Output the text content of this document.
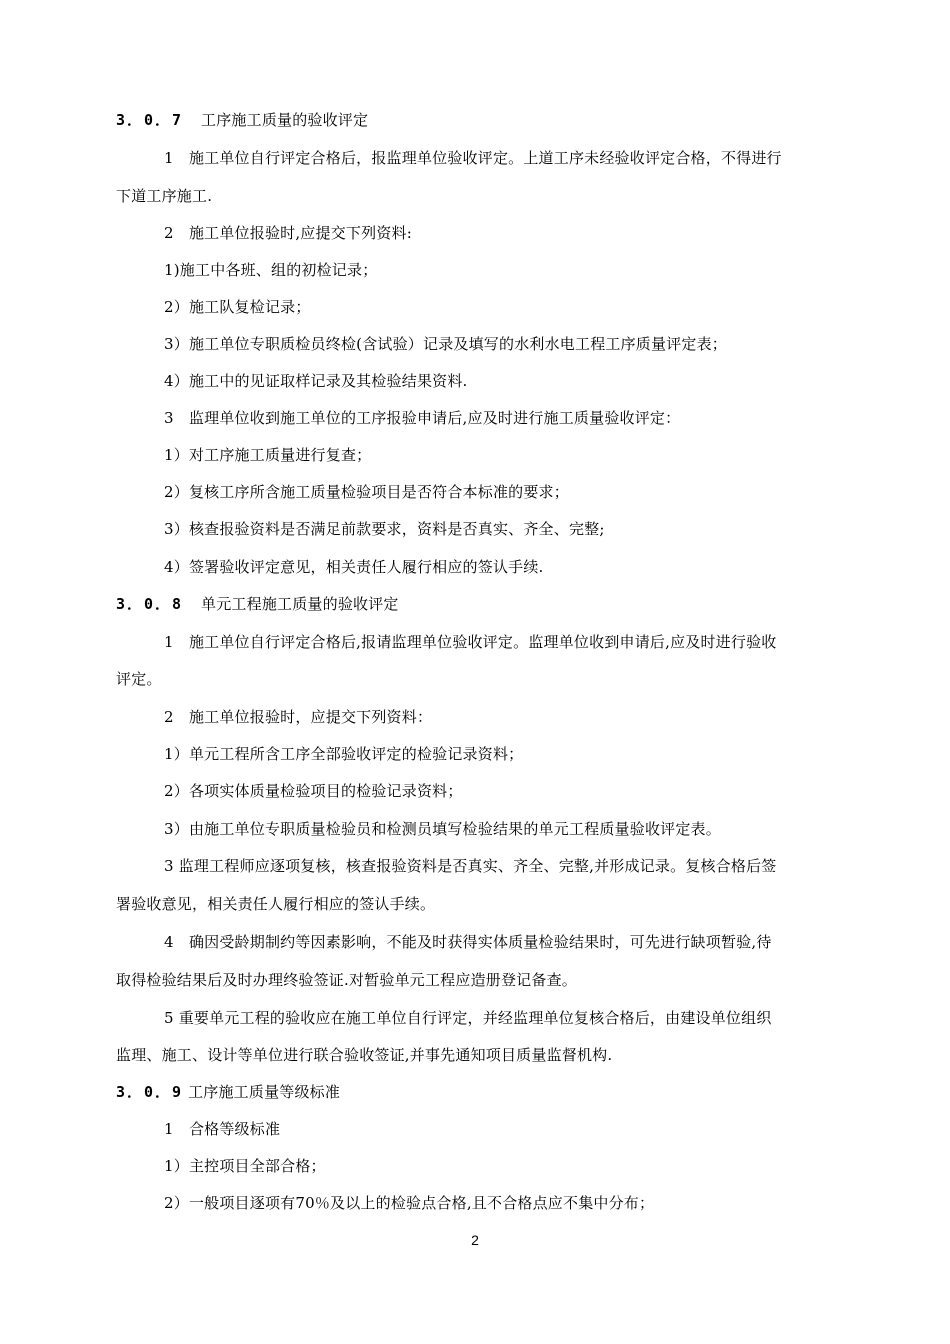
3．0．7 工序施工质量的验收评定
1　施工单位自行评定合格后，报监理单位验收评定。上道工序未经验收评定合格，不得进行
下道工序施工.
2　施工单位报验时,应提交下列资料:
1)施工中各班、组的初检记录；
2）施工队复检记录；
3）施工单位专职质检员终检(含试验）记录及填写的水利水电工程工序质量评定表；
4）施工中的见证取样记录及其检验结果资料.
3　监理单位收到施工单位的工序报验申请后,应及时进行施工质量验收评定：
1）对工序施工质量进行复查；
2）复核工序所含施工质量检验项目是否符合本标准的要求；
3）核查报验资料是否满足前款要求，资料是否真实、齐全、完整;
4）签署验收评定意见，相关责任人履行相应的签认手续.
3．0．8 单元工程施工质量的验收评定
1　施工单位自行评定合格后,报请监理单位验收评定。监理单位收到申请后,应及时进行验收
评定。
2　施工单位报验时，应提交下列资料：
1）单元工程所含工序全部验收评定的检验记录资料；
2）各项实体质量检验项目的检验记录资料；
3）由施工单位专职质量检验员和检测员填写检验结果的单元工程质量验收评定表。
3 监理工程师应逐项复核，核查报验资料是否真实、齐全、完整,并形成记录。复核合格后签
署验收意见，相关责任人履行相应的签认手续。
4　确因受龄期制约等因素影响，不能及时获得实体质量检验结果时，可先进行缺项暂验,待
取得检验结果后及时办理终验签证.对暂验单元工程应造册登记备查。
5 重要单元工程的验收应在施工单位自行评定，并经监理单位复核合格后，由建设单位组织
监理、施工、设计等单位进行联合验收签证,并事先通知项目质量监督机构.
3．0．9 工序施工质量等级标准
1　合格等级标准
1）主控项目全部合格；
2）一般项目逐项有70％及以上的检验点合格,且不合格点应不集中分布；
2
